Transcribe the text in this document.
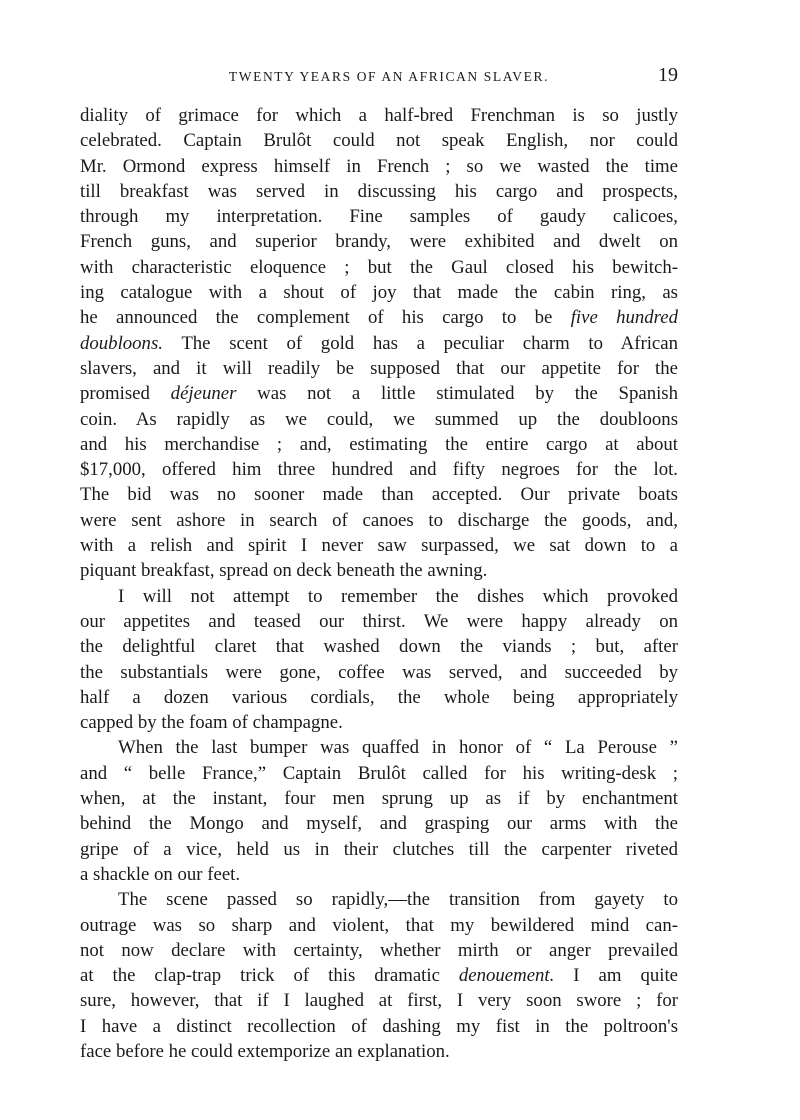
TWENTY YEARS OF AN AFRICAN SLAVER.	19
diality of grimace for which a half-bred Frenchman is so justly
celebrated. Captain Brulôt could not speak English, nor could
Mr. Ormond express himself in French ; so we wasted the time
till breakfast was served in discussing his cargo and prospects,
through my interpretation. Fine samples of gaudy calicoes,
French guns, and superior brandy, were exhibited and dwelt on
with characteristic eloquence ; but the Gaul closed his bewitch-
ing catalogue with a shout of joy that made the cabin ring, as
he announced the complement of his cargo to be five hundred
doubloons. The scent of gold has a peculiar charm to African
slavers, and it will readily be supposed that our appetite for the
promised déjeuner was not a little stimulated by the Spanish
coin. As rapidly as we could, we summed up the doubloons
and his merchandise ; and, estimating the entire cargo at about
$17,000, offered him three hundred and fifty negroes for the lot.
The bid was no sooner made than accepted. Our private boats
were sent ashore in search of canoes to discharge the goods, and,
with a relish and spirit I never saw surpassed, we sat down to a
piquant breakfast, spread on deck beneath the awning.
I will not attempt to remember the dishes which provoked
our appetites and teased our thirst. We were happy already on
the delightful claret that washed down the viands ; but, after
the substantials were gone, coffee was served, and succeeded by
half a dozen various cordials, the whole being appropriately
capped by the foam of champagne.
When the last bumper was quaffed in honor of “ La Perouse ”
and “ belle France,” Captain Brulôt called for his writing-desk ;
when, at the instant, four men sprung up as if by enchantment
behind the Mongo and myself, and grasping our arms with the
gripe of a vice, held us in their clutches till the carpenter riveted
a shackle on our feet.
The scene passed so rapidly,—the transition from gayety to
outrage was so sharp and violent, that my bewildered mind can-
not now declare with certainty, whether mirth or anger prevailed
at the clap-trap trick of this dramatic denouement. I am quite
sure, however, that if I laughed at first, I very soon swore ; for
I have a distinct recollection of dashing my fist in the poltroon's
face before he could extemporize an explanation.
